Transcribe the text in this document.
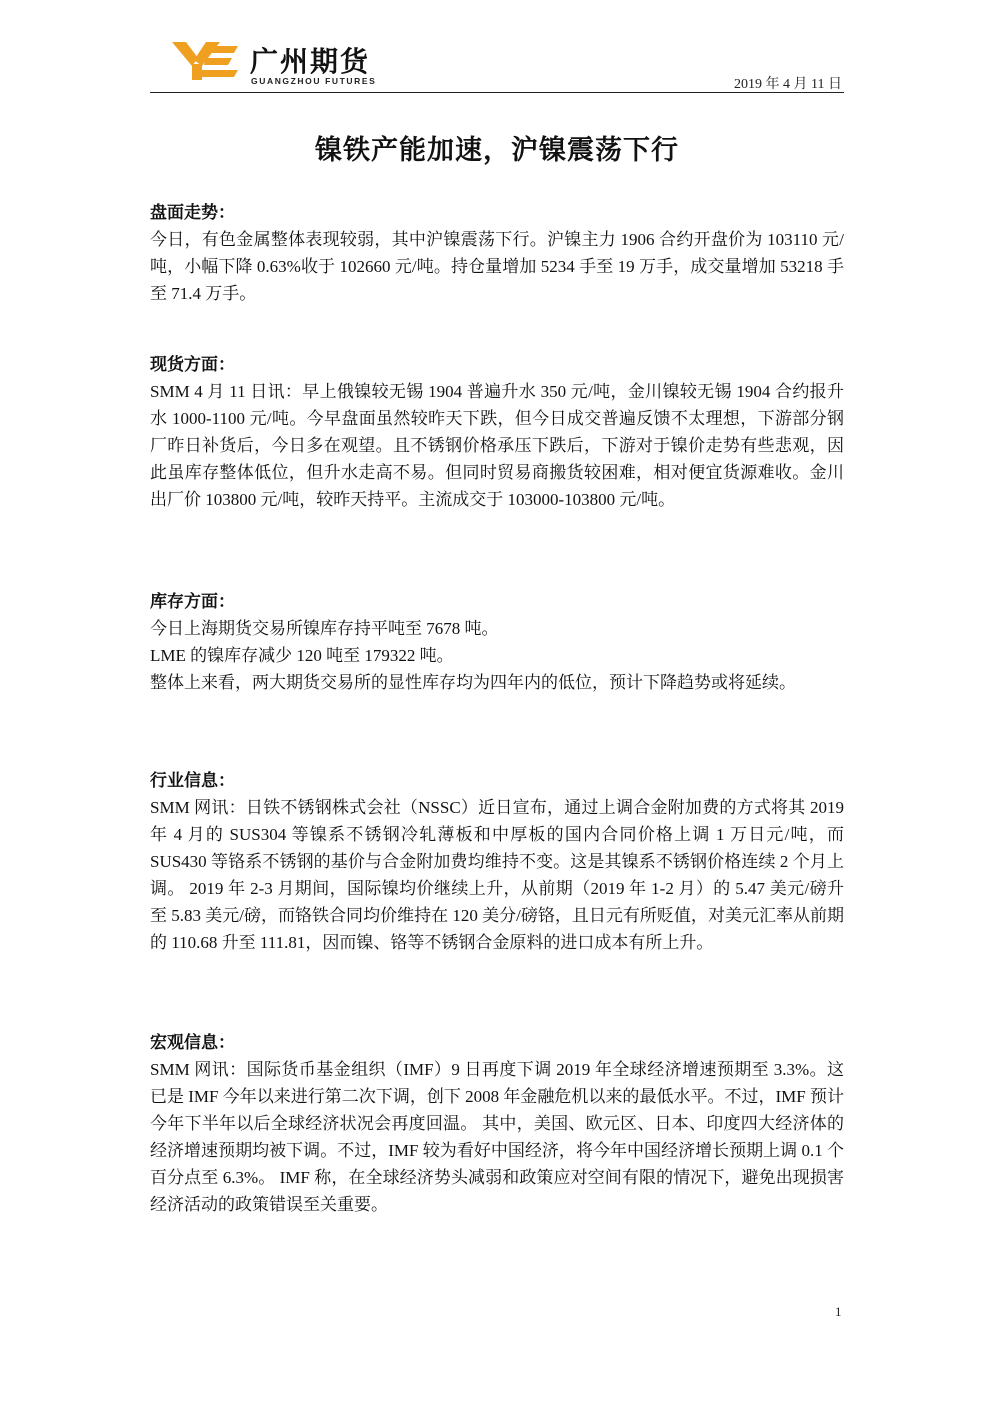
广州期货
GUANGZHOU FUTURES	2019 年 4 月 11 日
镍铁产能加速，沪镍震荡下行
盘面走势：

今日，有色金属整体表现较弱，其中沪镍震荡下行。沪镍主力 1906 合约开盘价为 103110 元/吨，小幅下降 0.63%收于 102660 元/吨。持仓量增加 5234 手至 19 万手，成交量增加 53218 手至 71.4 万手。

现货方面：

SMM 4 月 11 日讯：早上俄镍较无锡 1904 普遍升水 350 元/吨，金川镍较无锡 1904 合约报升水 1000-1100 元/吨。今早盘面虽然较昨天下跌，但今日成交普遍反馈不太理想，下游部分钢厂昨日补货后，今日多在观望。且不锈钢价格承压下跌后，下游对于镍价走势有些悲观，因此虽库存整体低位，但升水走高不易。但同时贸易商搬货较困难，相对便宜货源难收。金川出厂价 103800 元/吨，较昨天持平。主流成交于 103000-103800 元/吨。

库存方面：

今日上海期货交易所镍库存持平吨至 7678 吨。

LME 的镍库存减少 120 吨至 179322 吨。

整体上来看，两大期货交易所的显性库存均为四年内的低位，预计下降趋势或将延续。

行业信息：

SMM 网讯：日铁不锈钢株式会社（NSSC）近日宣布，通过上调合金附加费的方式将其 2019 年 4 月的 SUS304 等镍系不锈钢冷轧薄板和中厚板的国内合同价格上调 1 万日元/吨，而 SUS430 等铬系不锈钢的基价与合金附加费均维持不变。这是其镍系不锈钢价格连续 2 个月上调。 2019 年 2-3 月期间，国际镍均价继续上升，从前期（2019 年 1-2 月）的 5.47 美元/磅升至 5.83 美元/磅，而铬铁合同均价维持在 120 美分/磅铬，且日元有所贬值，对美元汇率从前期的 110.68 升至 111.81，因而镍、铬等不锈钢合金原料的进口成本有所上升。

宏观信息：

SMM 网讯：国际货币基金组织（IMF）9 日再度下调 2019 年全球经济增速预期至 3.3%。这已是 IMF 今年以来进行第二次下调，创下 2008 年金融危机以来的最低水平。不过，IMF 预计今年下半年以后全球经济状况会再度回温。 其中，美国、欧元区、日本、印度四大经济体的经济增速预期均被下调。不过，IMF 较为看好中国经济，将今年中国经济增长预期上调 0.1 个百分点至 6.3%。 IMF 称，在全球经济势头减弱和政策应对空间有限的情况下，避免出现损害经济活动的政策错误至关重要。

1
